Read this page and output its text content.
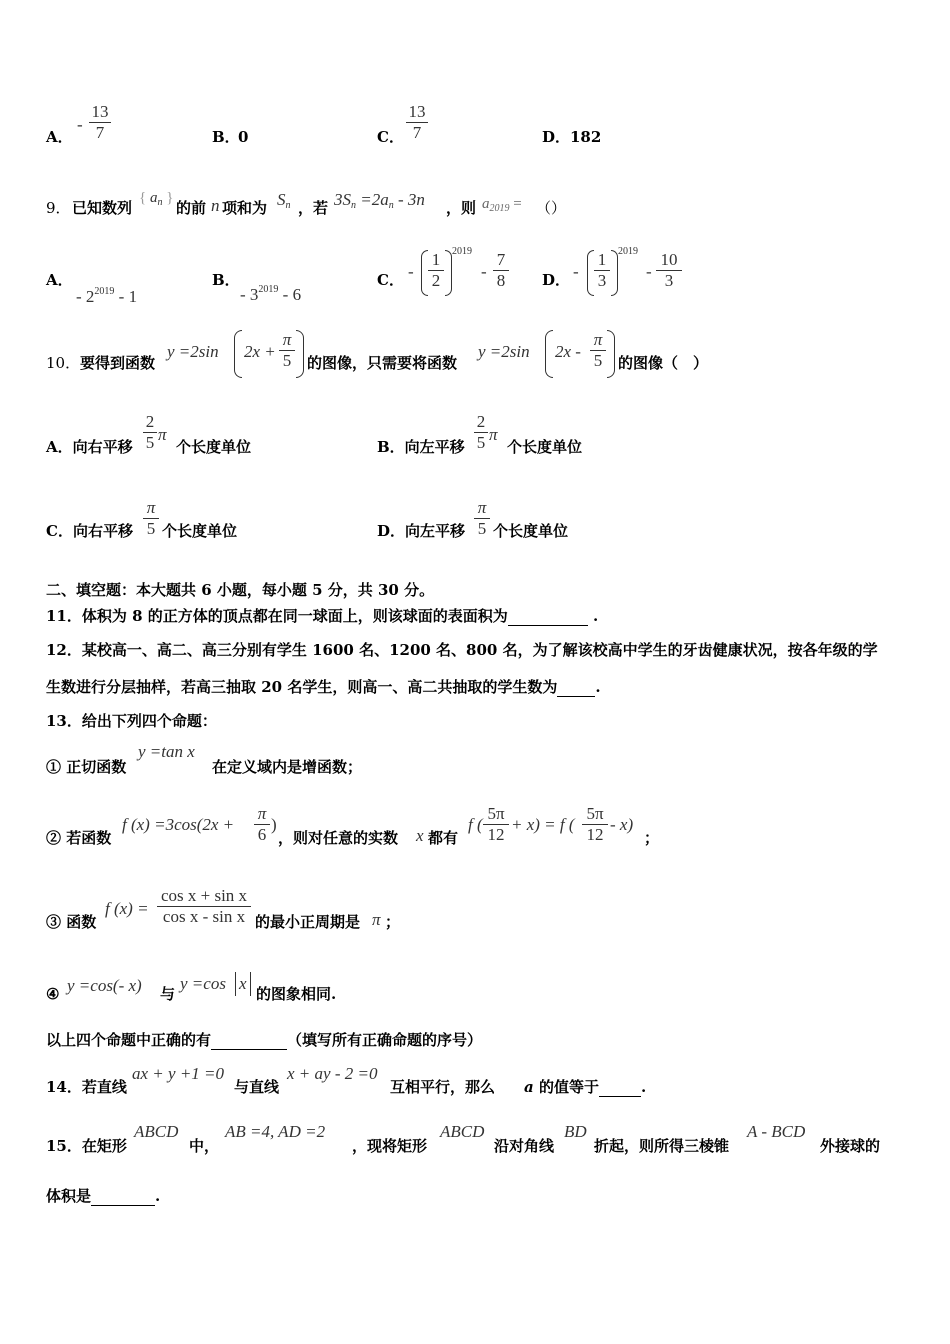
A．
-
13
7	B．
0	C．
13
7	D． 182
9． 已知数列
{ $a_n$ }
的前 n 项和为 $S_n$ ，若 $3S_n =2a_n - 3n$ ，则 $a_{2019}$ = （）
A．
- $2^{2019} - 1$
B．
- $3^{2019} - 6$
C． -
1
2
2019
-
7
8 D． -
1
3
2019
-
10
3
10． 要得到函数
y =2sin 2x +
π
5 的图像，只需要将函数
y =2sin 2x -
π
5 的图像（　）
A．向右平移
2
5 π
个长度单位	B．向左平移
2
5 π
个长度单位
C．向右平移
π
5 个长度单位	D．向左平移
π
5 个长度单位
二、填空题：本大题共 6 小题，每小题 5 分，共 30 分。
11．体积为 8 的正方体的顶点都在同一球面上，则该球面的表面积为	.
12．某校高一、高二、高三分别有学生 1600 名、1200 名、800 名，为了解该校高中学生的牙齿健康状况，按各年级的学
生数进行分层抽样，若高三抽取 20 名学生，则高一、高二共抽取的学生数为	.
13．给出下列四个命题：
① 正切函数
y =tan x
在定义域内是增函数；
② 若函数
f (x) =3cos(2x +
π
6
)
，则对任意的实数 x 都有
f (
5π
12
+ x) = f (
5π
12
- x)
；
③ 函数
f (x) =
cos x + sin x
cos x - sin x 的最小正周期是 π ；
④ y =cos(- x) 与
y =cos x
的图象相同.
以上四个命题中正确的有	（填写所有正确命题的序号）
14．若直线
ax + y +1 =0
与直线
x + ay - 2 =0
互相平行，那么 a 的值等于	.
15．在矩形
ABCD
中，
AB =4, AD =2
，现将矩形
ABCD
沿对角线
BD
折起，则所得三棱锥
A - BCD
外接球的
体积是	.
